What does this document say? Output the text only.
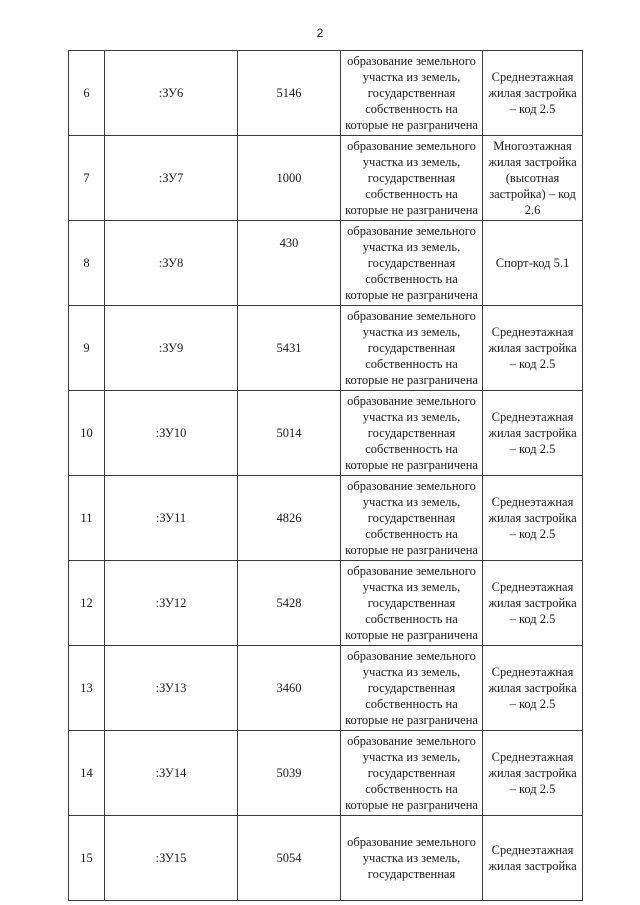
2
6	:ЗУ6	5146	образование земельного
участка из земель,
государственная
собственность на
которые не разграничена	Среднеэтажная
жилая застройка
– код 2.5
7	:ЗУ7	1000	образование земельного
участка из земель,
государственная
собственность на
которые не разграничена	Многоэтажная
жилая застройка
(высотная
застройка) – код
2.6
8	:ЗУ8	430	образование земельного
участка из земель,
государственная
собственность на
которые не разграничена	Спорт-код 5.1
9	:ЗУ9	5431	образование земельного
участка из земель,
государственная
собственность на
которые не разграничена	Среднеэтажная
жилая застройка
– код 2.5
10	:ЗУ10	5014	образование земельного
участка из земель,
государственная
собственность на
которые не разграничена	Среднеэтажная
жилая застройка
– код 2.5
11	:ЗУ11	4826	образование земельного
участка из земель,
государственная
собственность на
которые не разграничена	Среднеэтажная
жилая застройка
– код 2.5
12	:ЗУ12	5428	образование земельного
участка из земель,
государственная
собственность на
которые не разграничена	Среднеэтажная
жилая застройка
– код 2.5
13	:ЗУ13	3460	образование земельного
участка из земель,
государственная
собственность на
которые не разграничена	Среднеэтажная
жилая застройка
– код 2.5
14	:ЗУ14	5039	образование земельного
участка из земель,
государственная
собственность на
которые не разграничена	Среднеэтажная
жилая застройка – код 2.5
15	:ЗУ15	5054	образование земельного
участка из земель,
государственная	Среднеэтажная
жилая застройка
